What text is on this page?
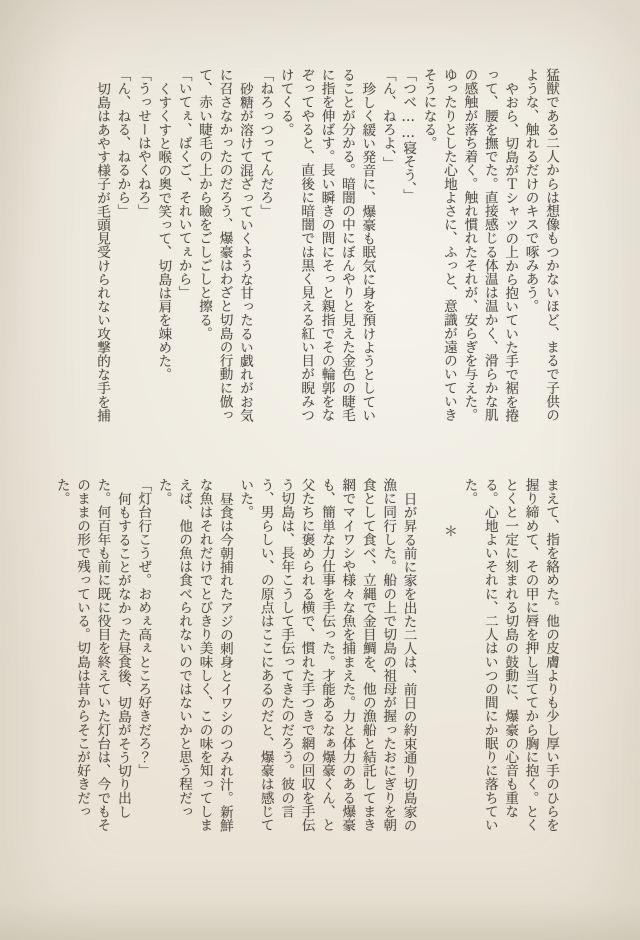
猛獣である二人からは想像もつかないほど、まるで子供のような、触れるだけのキスで啄みあう。

やおら、切島がＴシャツの上から抱いていた手で裾を捲って、腰を撫でた。直接感じる体温は温かく、滑らかな肌の感触が落ち着く。触れ慣れたそれが、安らぎを与えた。ゆったりとした心地よさに、ふっと、意識が遠のいていきそうになる。

「つべ……寝そう、」

「ん、ねろよ、」

珍しく緩い発音に、爆豪も眠気に身を預けようとしていることが分かる。暗闇の中にぼんやりと見えた金色の睫毛に指を伸ばす。長い瞬きの間にそっと親指でその輪郭をなぞってやると、直後に暗闇では黒く見える紅い目が睨みつけてくる。

「ねろっつってんだろ」

砂糖が溶けて混ざっていくような甘ったるい戯れがお気に召さなかったのだろう、爆豪はわざと切島の行動に倣って、赤い睫毛の上から瞼をごしごしと擦る。

「いてぇ、ばくご、それいてぇから」

くすくすと喉の奥で笑って、切島は肩を竦めた。

「うっせーはやくねろ」

「ん、ねる、ねるから」

切島はあやす様子が毛頭見受けられない攻撃的な手を捕

まえて、指を絡めた。他の皮膚よりも少し厚い手のひらを握り締めて、その甲に唇を押し当ててから胸に抱く。とくとくと一定に刻まれる切島の鼓動に、爆豪の心音も重なる。心地よいそれに、二人はいつの間にか眠りに落ちていた。

＊

日が昇る前に家を出た二人は、前日の約束通り切島家の漁に同行した。船の上で切島の祖母が握ったおにぎりを朝食として食べ、立縄で金目鯛を、他の漁船と結託してまき網でマイワシや様々な魚を捕まえた。力と体力のある爆豪も、簡単な力仕事を手伝った。才能あるなぁ爆豪くん、と父たちに褒められる横で、慣れた手つきで網の回収を手伝う切島は、長年こうして手伝ってきたのだろう。彼の言う、男らしい、の原点はここにあるのだと、爆豪は感じていた。

昼食は今朝捕れたアジの刺身とイワシのつみれ汁。新鮮な魚はそれだけでとびきり美味しく、この味を知ってしまえば、他の魚は食べられないのではないかと思う程だった。

「灯台行こうぜ。おめぇ高ぇところ好きだろ？」

何もすることがなかった昼食後、切島がそう切り出した。何百年も前に既に役目を終えていた灯台は、今でもそのままの形で残っている。切島は昔からそこが好きだった。
